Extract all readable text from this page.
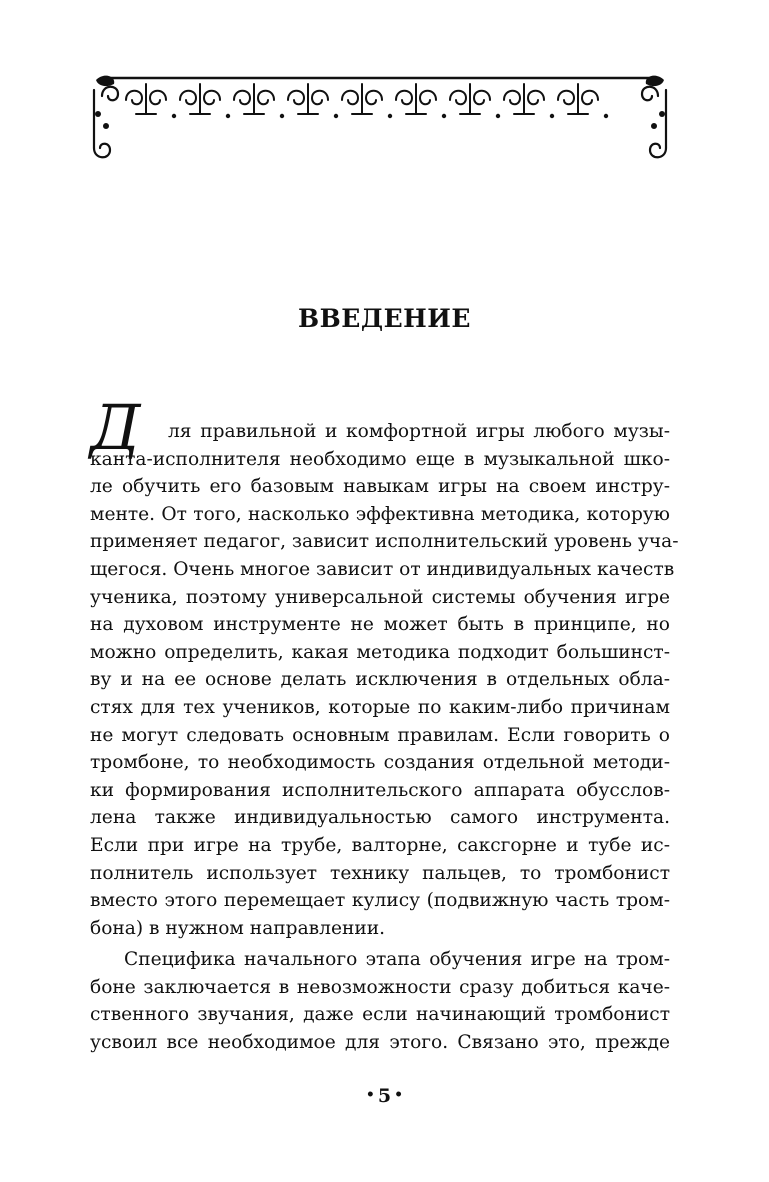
ВВЕДЕНИЕ
Д	ля правильной и комфортной игры любого музы-
канта-исполнителя необходимо еще в музыкальной шко-
ле обучить его базовым навыкам игры на своем инстру-
менте. От того, насколько эффективна методика, которую
применяет педагог, зависит исполнительский уровень уча-
щегося. Очень многое зависит от индивидуальных качеств
ученика, поэтому универсальной системы обучения игре
на духовом инструменте не может быть в принципе, но
можно определить, какая методика подходит большинст-
ву и на ее основе делать исключения в отдельных обла-
стях для тех учеников, которые по каким-либо причинам
не могут следовать основным правилам. Если говорить о
тромбоне, то необходимость создания отдельной методи-
ки формирования исполнительского аппарата обусслов-
лена также индивидуальностью самого инструмента.
Если при игре на трубе, валторне, саксгорне и тубе ис-
полнитель использует технику пальцев, то тромбонист
вместо этого перемещает кулису (подвижную часть тром-
бона) в нужном направлении.
Специфика начального этапа обучения игре на тром-
боне заключается в невозможности сразу добиться каче-
ственного звучания, даже если начинающий тромбонист
усвоил все необходимое для этого. Связано это, прежде
• 5 •
